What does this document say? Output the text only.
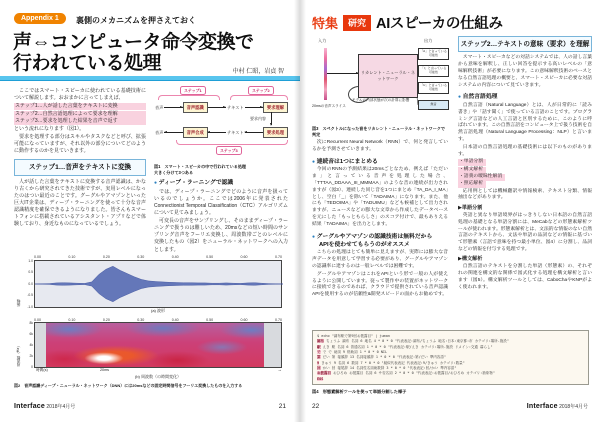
Appendix 1	裏側のメカニズムを押さえておく
声⇔コンピュータ命令変換で
行われている処理	中村 仁昭，岩貞 智

ここではスマート・スピーカに使われている基礎技術について解説します。おおまかに言ってしまえば、

ステップ1…人が話した言葉をテキストに変換
ステップ2…自然言語処理によって要求を理解
ステップ3…要求を処理した結果を音声で返す

という流れになります（図1）。

要求を処理する部分はスキルやタスクなどと呼び、拡張可能になっていますが、それ以外の部分についてどのように動作するのかを見ていきます。

ステップ1…音声をテキストに変換

人が話した言葉をテキストに変換する音声認識は、かなり古くから研究されてきた技術ですが、実用レベルになったのはつい最近のことです。グーグルやアマゾンといった巨大IT企業は、ディープ・ラーニングを使って十分な音声認識精度を確保できるようになりました。皆さんもスマートフォンに搭載されているアシスタント・アプリなどで体験しており、身近なものになっているでしょう。

ステップ1	ステップ2
音声	音声認識	テキスト	要求理解
要求内容
音声	音声合成	テキスト	要求処理
ステップ3
図1　スマート・スピーカの中で行われている処理
大きく分けて3つある
● ディープ・ラーニングで認識

では、ディープ・ラーニングでどのように音声を扱っているのでしょうか。ここでは2006年に発表されたConnectionist Temporal Classification（CTC）アルゴリズムについて見てみましょう。

可変長の音声をサンプリングし、そのままディープ・ラーニングで扱うのは難しいため、20msなどの短い時間のサンプリング音声をフーリエ変換し、周波数帯ごとのレベルに変換したもの（図2）をニューラル・ネットワークへの入力とします。

0.00	0.10	0.20	0.30	0.40	0.50	0.60	0.70
1.0
0.5
0.0
-0.5
-1.0
振幅
(a) 波形
0.00	0.10	0.20	0.30	0.40	0.50	0.60	0.70
8k
6k
4k
2k
0
周波数（Hz）
時間(s)	20ms	→
(b) 周波数（の時間変化）
図2　音声認識ディープ・ニューラル・ネットワーク（DNN）には20msなどの固定時間信号をフーリエ変換したものを入力する
Interface 2018年4月号	21
特集	研究 AIスピーカの仕組み
入力	出力
リカレント・ニューラル・ネットワーク
「A」と言っている可能性
「I」と言っている可能性
「U」と言っている可能性
無音
モデルの内部状態が次の計算に影響
20msの音声スライス
図3　スペクトルになった音をリカレント・ニューラル・ネットワークで判定

次にRecurrent Neural Network（RNN）で、何と発言しているかを予測させていきます。

● 連続音は1つにまとめる

今回のRNNの予測結果は20msごとなため、例えば「ただいま」と言っている音声を処理した場合、「TTTAA_DDAAA_III_MMMAA」のような音の連続が出力されますが（図3）、連続した同じ音を1つにまとめ「TA_DA_I_MA」とし、空白「_」を除いて「TADAIMA」になります。また、他にも「TEDOIMA」や「TADUIMU」なども候補として出力されますが、ニュースなどの膨大な文章から作成したデータベースを元にした「もっともらしさ」のスコア付けで、最もありえる結果「TADAIMA」を出力とします。

● グーグルやアマゾンの認識技術は無料だから
APIを使わせてもらうのがオススメ

こちらの処理はとても簡単に見えますが、実際には膨大な音声データを用意して学習する必要があり、グーグルやアマゾンの認識率に達するのは一般レベルでは困難です。

グーグルやアマゾンはこれをAPIという形で一般の人が使えるように公開しています。従って製作中の装置がネットワークに接続できるのであれば、クラウドで提供されている音声認識APIを使用するのが信頼性&開発スピードの面からお勧めです。

ステップ2…テキストの意味（要求）を理解

スマート・スピーカなどの対話システムでは、人の話し言葉から意味を解釈し、正しい回答を提示する高いレベルの「意味解釈技術」が必要になります。この意味解釈技術のベースとなる自然言語処理の概要と、スマート・スピーカに必要な対話システムの内容について見ていきます。

● 自然言語処理

自然言語（Natural Language）とは、人が日常的に「読み書き」や「話す聞く」で使っている言語のことです。プログラミング言語などの人工言語と区別するために、このように呼ばれています。この自然言語をコンピュータ上で扱う技術を自然言語処理（Natural Language Processing：NLP）と言います。

日本語の自然言語処理の基礎技術には以下のものがあります。

・単語分割
・構文解析
・語義の曖昧性解消
・照応解析

応用例としては機械翻訳や情報検索、テキスト分類、情報抽出などがあります。

▶単語分割

英語と異なり単語境界がはっきりしない日本語の自然言語処理の基礎となる単語分割には、MeCabなどの形態素解析ツールが使われます。形態素解析とは、文法的な情報のない自然言語のテキストから、文法や単語の品詞などの情報に基づいて形態素（言語で意味を持つ最小単位、図4）に分割し、品詞などの情報を付与する処理です。

▶構文解析

自然言語のテキストを分割した単語（形態素）の、それぞれの関連を構文的な関係で図式化する処理を構文解析と言います（図5）。構文解析ツールとしては、CaboChaやKNPがよく使われます。

$ echo "調布駅で第9回お披露目" | juman
調布 ちょうふ 調布 名詞 6 地名 4 * 0 * 0 "代表表記:調布/ちょうふ 地名:日本:東京都:市 カテゴリ:場所-施設"
駅 えき 駅 名詞 6 普通名詞 1 * 0 * 0 "代表表記:駅/えき カテゴリ:場所-施設 ドメイン:交通 暮らし"
で で で 助詞 9 格助詞 1 * 0 * 0 NIL
第 だい 第 接頭辞 13 名詞接頭辞 1 * 0 * 0 "代表表記:第/だい 準内容語"
9 きゅう 9 名詞 6 数詞 7 * 0 * 0 "疑似代表表記 代表表記:9/きゅう カテゴリ:数量"
回 かい 回 接尾辞 14 名詞性名詞助数辞 3 * 0 * 0 "代表表記:回/かい 準内容語"
お披露目 おひろめ お披露目 名詞 6 サ変名詞 2 * 0 * 0 "代表表記:お披露目/おひろめ カテゴリ:抽象物"
EOS
図4　形態素解析ツールを使って単語分割した様子
22	Interface 2018年4月号
